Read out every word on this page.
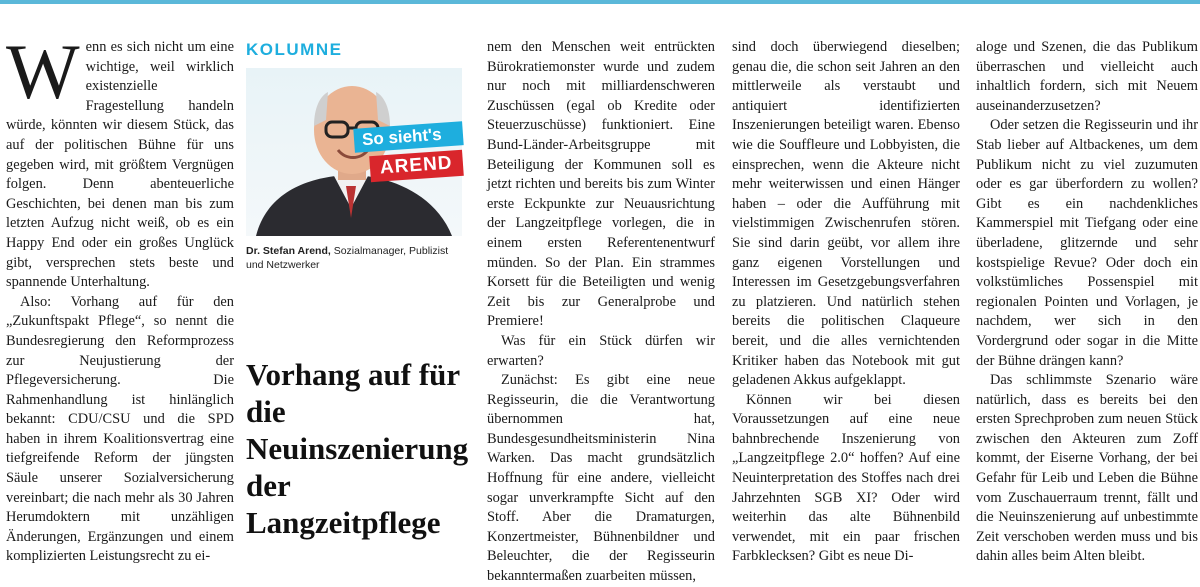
Wenn es sich nicht um eine wichtige, weil wirklich existenzielle Fragestellung handeln würde, könnten wir diesem Stück, das auf der politischen Bühne für uns gegeben wird, mit größtem Vergnügen folgen. Denn abenteuerliche Geschichten, bei denen man bis zum letzten Aufzug nicht weiß, ob es ein Happy End oder ein großes Unglück gibt, versprechen stets beste und spannende Unterhaltung.

Also: Vorhang auf für den „Zukunftspakt Pflege“, so nennt die Bundesregierung den Reformprozess zur Neujustierung der Pflegeversicherung. Die Rahmenhandlung ist hinlänglich bekannt: CDU/CSU und die SPD haben in ihrem Koalitionsvertrag eine tiefgreifende Reform der jüngsten Säule unserer Sozialversicherung vereinbart; die nach mehr als 30 Jahren Herumdoktern mit unzähligen Änderungen, Ergänzungen und einem komplizierten Leistungsrecht zu ei-

KOLUMNE
So sieht's
AREND
Dr. Stefan Arend, Sozialmanager, Publizist und Netzwerker
Vorhang auf für die Neuinszenierung der Langzeitpflege

nem den Menschen weit entrückten Bürokratiemonster wurde und zudem nur noch mit milliardenschweren Zuschüssen (egal ob Kredite oder Steuerzuschüsse) funktioniert. Eine Bund-Länder-Arbeitsgruppe mit Beteiligung der Kommunen soll es jetzt richten und bereits bis zum Winter erste Eckpunkte zur Neuausrichtung der Langzeitpflege vorlegen, die in einem ersten Referentenentwurf münden. So der Plan. Ein strammes Korsett für die Beteiligten und wenig Zeit bis zur Generalprobe und Premiere!

Was für ein Stück dürfen wir erwarten?

Zunächst: Es gibt eine neue Regisseurin, die die Verantwortung übernommen hat, Bundesgesundheitsministerin Nina Warken. Das macht grundsätzlich Hoffnung für eine andere, vielleicht sogar unverkrampfte Sicht auf den Stoff. Aber die Dramaturgen, Konzertmeister, Bühnenbildner und Beleuchter, die der Regisseurin bekanntermaßen zuarbeiten müssen,

sind doch überwiegend dieselben; genau die, die schon seit Jahren an den mittlerweile als verstaubt und antiquiert identifizierten Inszenierungen beteiligt waren. Ebenso wie die Souffleure und Lobbyisten, die einsprechen, wenn die Akteure nicht mehr weiterwissen und einen Hänger haben – oder die Aufführung mit vielstimmigen Zwischenrufen stören. Sie sind darin geübt, vor allem ihre ganz eigenen Vorstellungen und Interessen im Gesetzgebungsverfahren zu platzieren. Und natürlich stehen bereits die politischen Claqueure bereit, und die alles vernichtenden Kritiker haben das Notebook mit gut geladenen Akkus aufgeklappt.

Können wir bei diesen Voraussetzungen auf eine neue bahnbrechende Inszenierung von „Langzeitpflege 2.0“ hoffen? Auf eine Neuinterpretation des Stoffes nach drei Jahrzehnten SGB XI? Oder wird weiterhin das alte Bühnenbild verwendet, mit ein paar frischen Farbklecksen? Gibt es neue Di-

aloge und Szenen, die das Publikum überraschen und vielleicht auch inhaltlich fordern, sich mit Neuem auseinanderzusetzen?

Oder setzen die Regisseurin und ihr Stab lieber auf Altbackenes, um dem Publikum nicht zu viel zuzumuten oder es gar überfordern zu wollen? Gibt es ein nachdenkliches Kammerspiel mit Tiefgang oder eine überladene, glitzernde und sehr kostspielige Revue? Oder doch ein volkstümliches Possenspiel mit regionalen Pointen und Vorlagen, je nachdem, wer sich in den Vordergrund oder sogar in die Mitte der Bühne drängen kann?

Das schlimmste Szenario wäre natürlich, dass es bereits bei den ersten Sprechproben zum neuen Stück zwischen den Akteuren zum Zoff kommt, der Eiserne Vorhang, der bei Gefahr für Leib und Leben die Bühne vom Zuschauerraum trennt, fällt und die Neuinszenierung auf unbestimmte Zeit verschoben werden muss und bis dahin alles beim Alten bleibt.
